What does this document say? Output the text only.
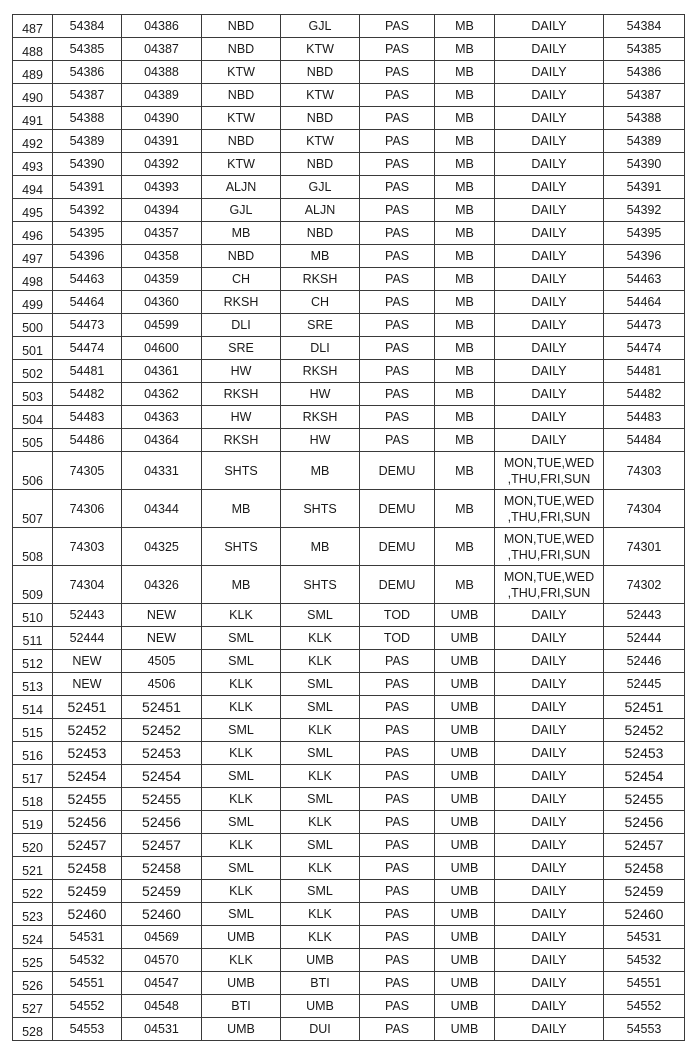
487	54384	04386	NBD	GJL	PAS	MB	DAILY	54384
488	54385	04387	NBD	KTW	PAS	MB	DAILY	54385
489	54386	04388	KTW	NBD	PAS	MB	DAILY	54386
490	54387	04389	NBD	KTW	PAS	MB	DAILY	54387
491	54388	04390	KTW	NBD	PAS	MB	DAILY	54388
492	54389	04391	NBD	KTW	PAS	MB	DAILY	54389
493	54390	04392	KTW	NBD	PAS	MB	DAILY	54390
494	54391	04393	ALJN	GJL	PAS	MB	DAILY	54391
495	54392	04394	GJL	ALJN	PAS	MB	DAILY	54392
496	54395	04357	MB	NBD	PAS	MB	DAILY	54395
497	54396	04358	NBD	MB	PAS	MB	DAILY	54396
498	54463	04359	CH	RKSH	PAS	MB	DAILY	54463
499	54464	04360	RKSH	CH	PAS	MB	DAILY	54464
500	54473	04599	DLI	SRE	PAS	MB	DAILY	54473
501	54474	04600	SRE	DLI	PAS	MB	DAILY	54474
502	54481	04361	HW	RKSH	PAS	MB	DAILY	54481
503	54482	04362	RKSH	HW	PAS	MB	DAILY	54482
504	54483	04363	HW	RKSH	PAS	MB	DAILY	54483
505	54486	04364	RKSH	HW	PAS	MB	DAILY	54484
506	74305	04331	SHTS	MB	DEMU	MB	MON,TUE,WED
,THU,FRI,SUN	74303
507	74306	04344	MB	SHTS	DEMU	MB	MON,TUE,WED
,THU,FRI,SUN	74304
508	74303	04325	SHTS	MB	DEMU	MB	MON,TUE,WED
,THU,FRI,SUN	74301
509	74304	04326	MB	SHTS	DEMU	MB	MON,TUE,WED
,THU,FRI,SUN	74302
510	52443	NEW	KLK	SML	TOD	UMB	DAILY	52443
511	52444	NEW	SML	KLK	TOD	UMB	DAILY	52444
512	NEW	4505	SML	KLK	PAS	UMB	DAILY	52446
513	NEW	4506	KLK	SML	PAS	UMB	DAILY	52445
514	52451	52451	KLK	SML	PAS	UMB	DAILY	52451
515	52452	52452	SML	KLK	PAS	UMB	DAILY	52452
516	52453	52453	KLK	SML	PAS	UMB	DAILY	52453
517	52454	52454	SML	KLK	PAS	UMB	DAILY	52454
518	52455	52455	KLK	SML	PAS	UMB	DAILY	52455
519	52456	52456	SML	KLK	PAS	UMB	DAILY	52456
520	52457	52457	KLK	SML	PAS	UMB	DAILY	52457
521	52458	52458	SML	KLK	PAS	UMB	DAILY	52458
522	52459	52459	KLK	SML	PAS	UMB	DAILY	52459
523	52460	52460	SML	KLK	PAS	UMB	DAILY	52460
524	54531	04569	UMB	KLK	PAS	UMB	DAILY	54531
525	54532	04570	KLK	UMB	PAS	UMB	DAILY	54532
526	54551	04547	UMB	BTI	PAS	UMB	DAILY	54551
527	54552	04548	BTI	UMB	PAS	UMB	DAILY	54552
528	54553	04531	UMB	DUI	PAS	UMB	DAILY	54553
